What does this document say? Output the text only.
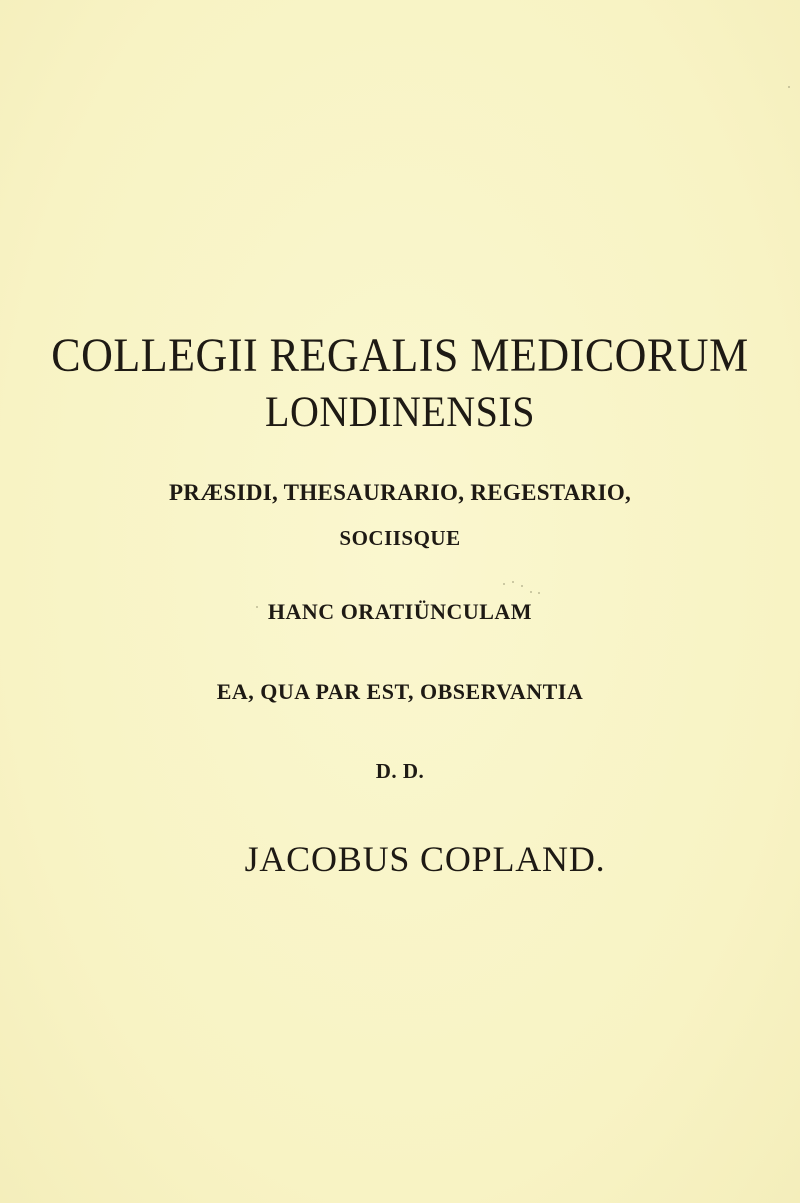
COLLEGII REGALIS MEDICORUM
LONDINENSIS
PRÆSIDI, THESAURARIO, REGESTARIO,
SOCIISQUE
HANC ORATIÜNCULAM
EA, QUA PAR EST, OBSERVANTIA
D. D.
JACOBUS COPLAND.
